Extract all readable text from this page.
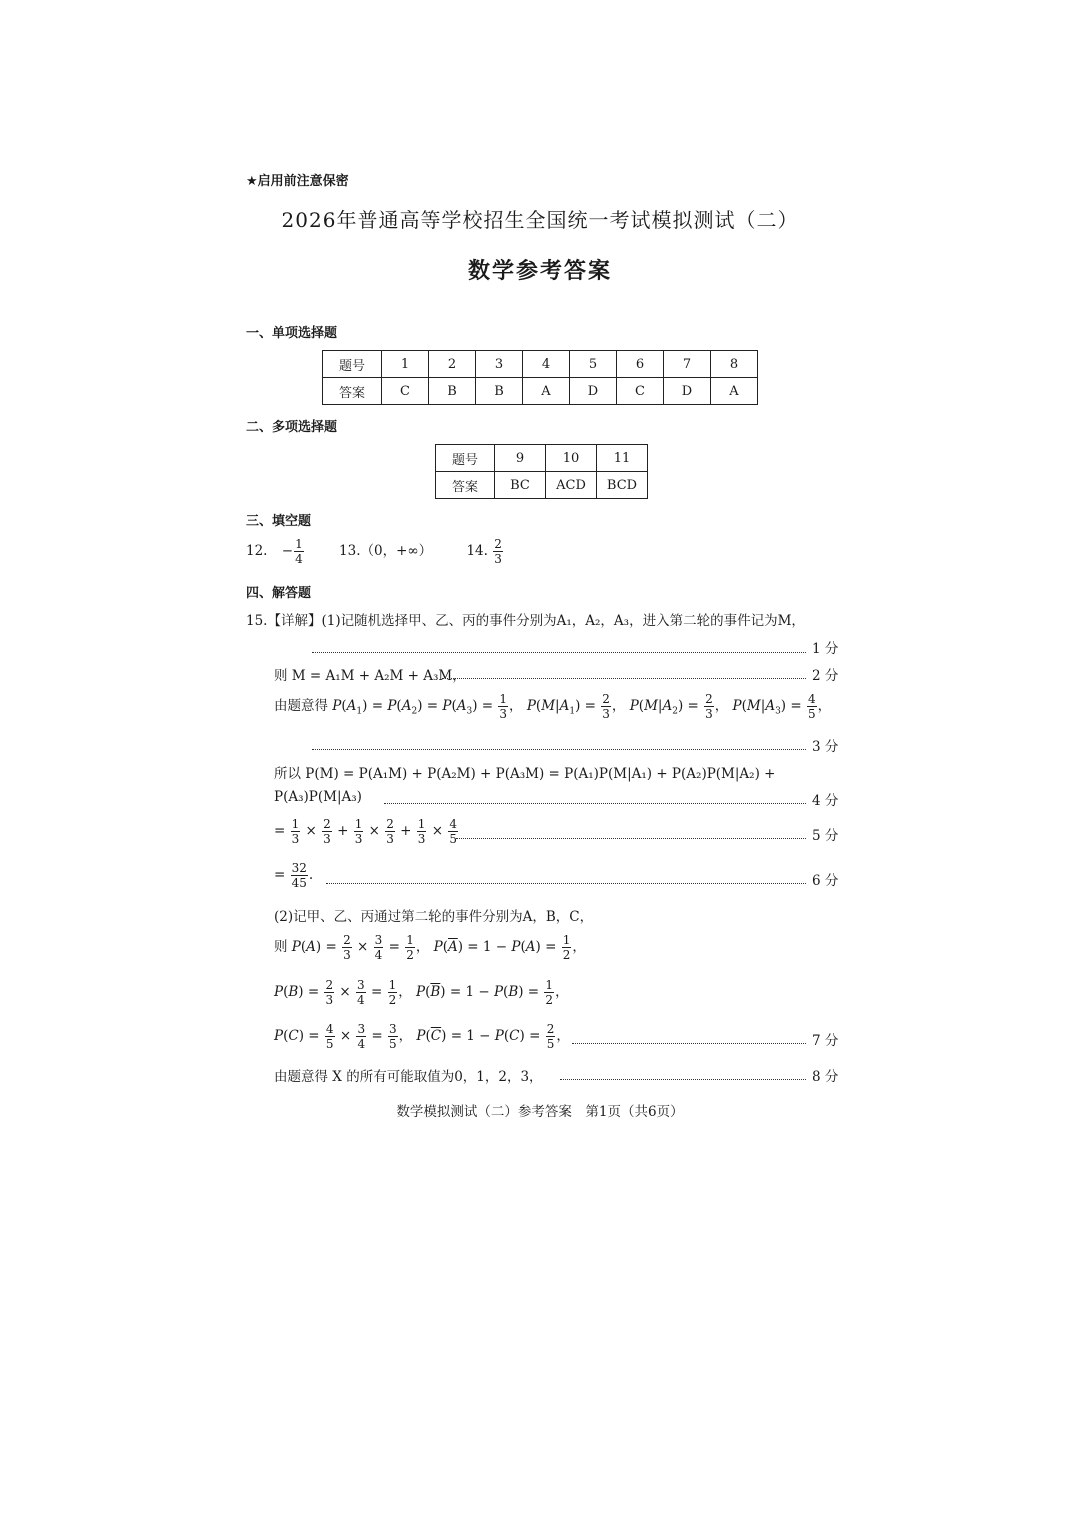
★启用前注意保密
2026年普通高等学校招生全国统一考试模拟测试（二）
数学参考答案
一、单项选择题
题号	1	2	3	4	5	6	7	8
答案	C	B	B	A	D	C	D	A
二、多项选择题
题号	9	10	11
答案	BC	ACD	BCD
三、填空题
12. − $\frac{1}{4}$	13.（0，+∞）	14. $\frac{2}{3}$
四、解答题
15.【详解】(1)记随机选择甲、乙、丙的事件分别为A₁，A₂，A₃，进入第二轮的事件记为M，
1 分
则 M = A₁M + A₂M + A₃M，	2 分
由题意得 $P(A_1) = P(A_2) = P(A_3) = \frac{1}{3}$ ， $P(M|A_1) = \frac{2}{3}$ ， $P(M|A_2) = \frac{2}{3}$ ， $P(M|A_3) = \frac{4}{5}$ ，
3 分
所以 P(M) = P(A₁M) + P(A₂M) + P(A₃M) = P(A₁)P(M|A₁) + P(A₂)P(M|A₂) +
P(A₃)P(M|A₃)	4 分
= $\frac{1}{3} \times \frac{2}{3} + \frac{1}{3} \times \frac{2}{3} + \frac{1}{3} \times \frac{4}{5}$	5 分
= $\frac{32}{45}$ .	6 分
(2)记甲、乙、丙通过第二轮的事件分别为A，B，C，
则 $P(A) = \frac{2}{3} \times \frac{3}{4} = \frac{1}{2}$ ， $P(\overline{A}) = 1 - P(A) = \frac{1}{2}$ ，
$P(B) = \frac{2}{3} \times \frac{3}{4} = \frac{1}{2}$ ， $P(\overline{B}) = 1 - P(B) = \frac{1}{2}$ ，
$P(C) = \frac{4}{5} \times \frac{3}{4} = \frac{3}{5}$ ， $P(\overline{C}) = 1 - P(C) = \frac{2}{5}$ ，	7 分
由题意得 X 的所有可能取值为0，1，2，3，	8 分
数学模拟测试（二）参考答案　第1页（共6页）
